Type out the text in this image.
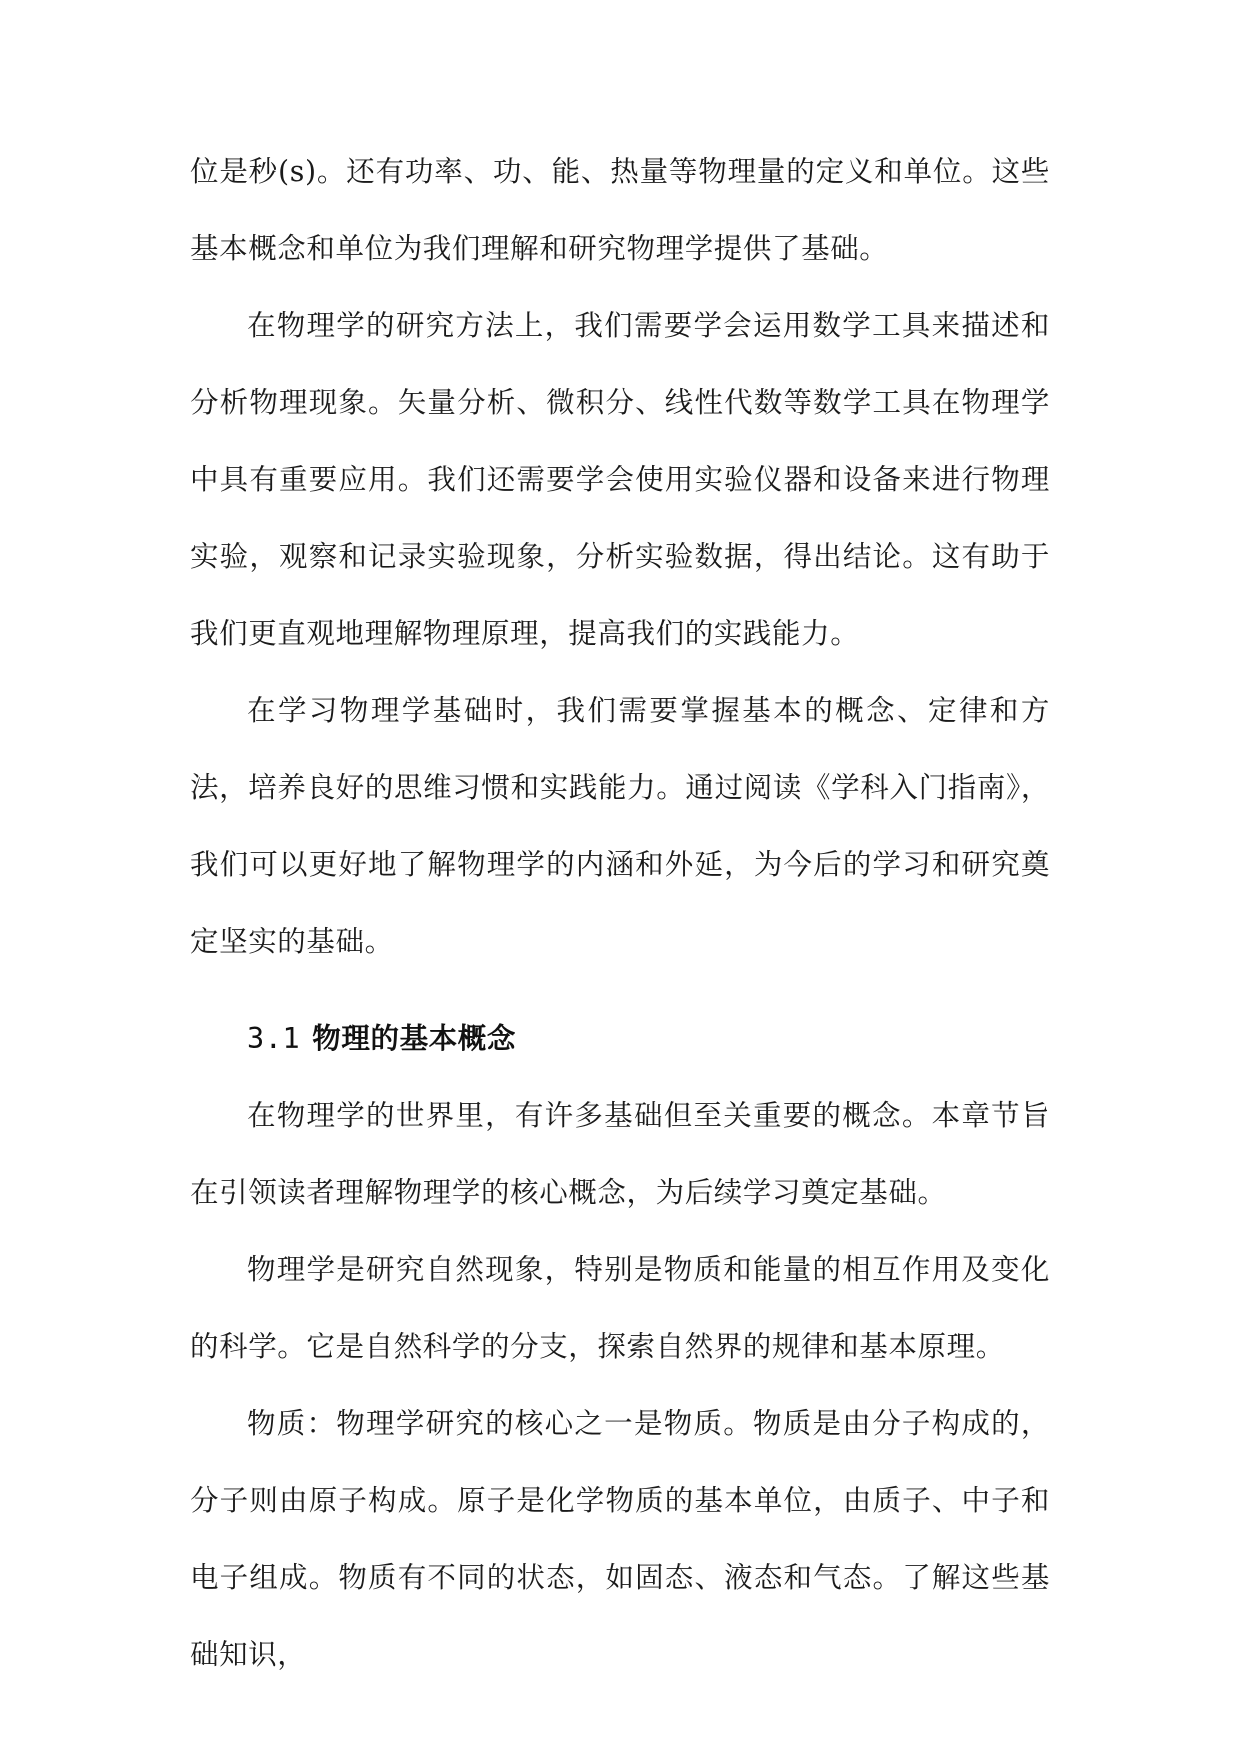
位是秒(s)。还有功率、功、能、热量等物理量的定义和单位。这些基本概念和单位为我们理解和研究物理学提供了基础。

在物理学的研究方法上，我们需要学会运用数学工具来描述和分析物理现象。矢量分析、微积分、线性代数等数学工具在物理学中具有重要应用。我们还需要学会使用实验仪器和设备来进行物理实验，观察和记录实验现象，分析实验数据，得出结论。这有助于我们更直观地理解物理原理，提高我们的实践能力。

在学习物理学基础时，我们需要掌握基本的概念、定律和方法，培养良好的思维习惯和实践能力。通过阅读《学科入门指南》，我们可以更好地了解物理学的内涵和外延，为今后的学习和研究奠定坚实的基础。

3.1 物理的基本概念

在物理学的世界里，有许多基础但至关重要的概念。本章节旨在引领读者理解物理学的核心概念，为后续学习奠定基础。

物理学是研究自然现象，特别是物质和能量的相互作用及变化的科学。它是自然科学的分支，探索自然界的规律和基本原理。

物质：物理学研究的核心之一是物质。物质是由分子构成的，分子则由原子构成。原子是化学物质的基本单位，由质子、中子和电子组成。物质有不同的状态，如固态、液态和气态。了解这些基础知识，
